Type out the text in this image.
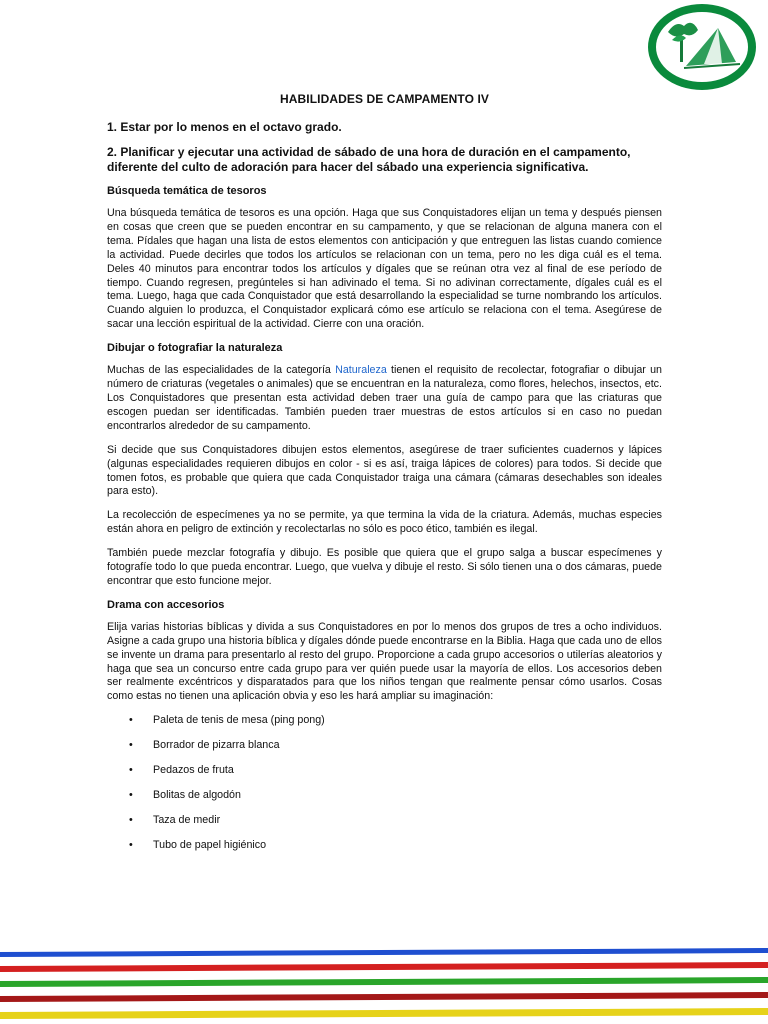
HABILIDADES DE CAMPAMENTO IV
1. Estar por lo menos en el octavo grado.
2. Planificar y ejecutar una actividad de sábado de una hora de duración en el campamento, diferente del culto de adoración para hacer del sábado una experiencia significativa.
Búsqueda temática de tesoros
Una búsqueda temática de tesoros es una opción. Haga que sus Conquistadores elijan un tema y después piensen en cosas que creen que se pueden encontrar en su campamento, y que se relacionan de alguna manera con el tema. Pídales que hagan una lista de estos elementos con anticipación y que entreguen las listas cuando comience la actividad. Puede decirles que todos los artículos se relacionan con un tema, pero no les diga cuál es el tema. Deles 40 minutos para encontrar todos los artículos y dígales que se reúnan otra vez al final de ese período de tiempo. Cuando regresen, pregúnteles si han adivinado el tema. Si no adivinan correctamente, dígales cuál es el tema. Luego, haga que cada Conquistador que está desarrollando la especialidad se turne nombrando los artículos. Cuando alguien lo produzca, el Conquistador explicará cómo ese artículo se relaciona con el tema. Asegúrese de sacar una lección espiritual de la actividad. Cierre con una oración.
Dibujar o fotografiar la naturaleza
Muchas de las especialidades de la categoría Naturaleza tienen el requisito de recolectar, fotografiar o dibujar un número de criaturas (vegetales o animales) que se encuentran en la naturaleza, como flores, helechos, insectos, etc. Los Conquistadores que presentan esta actividad deben traer una guía de campo para que las criaturas que escogen puedan ser identificadas. También pueden traer muestras de estos artículos si en caso no puedan encontrarlos alrededor de su campamento.
Si decide que sus Conquistadores dibujen estos elementos, asegúrese de traer suficientes cuadernos y lápices (algunas especialidades requieren dibujos en color - si es así, traiga lápices de colores) para todos. Si decide que tomen fotos, es probable que quiera que cada Conquistador traiga una cámara (cámaras desechables son ideales para esto).
La recolección de especímenes ya no se permite, ya que termina la vida de la criatura. Además, muchas especies están ahora en peligro de extinción y recolectarlas no sólo es poco ético, también es ilegal.
También puede mezclar fotografía y dibujo. Es posible que quiera que el grupo salga a buscar especímenes y fotografíe todo lo que pueda encontrar. Luego, que vuelva y dibuje el resto. Si sólo tienen una o dos cámaras, puede encontrar que esto funcione mejor.
Drama con accesorios
Elija varias historias bíblicas y divida a sus Conquistadores en por lo menos dos grupos de tres a ocho individuos. Asigne a cada grupo una historia bíblica y dígales dónde puede encontrarse en la Biblia. Haga que cada uno de ellos se invente un drama para presentarlo al resto del grupo. Proporcione a cada grupo accesorios o utilerías aleatorios y haga que sea un concurso entre cada grupo para ver quién puede usar la mayoría de ellos. Los accesorios deben ser realmente excéntricos y disparatados para que los niños tengan que realmente pensar cómo usarlos. Cosas como estas no tienen una aplicación obvia y eso les hará ampliar su imaginación:
• Paleta de tenis de mesa (ping pong)
• Borrador de pizarra blanca
• Pedazos de fruta
• Bolitas de algodón
• Taza de medir
• Tubo de papel higiénico
